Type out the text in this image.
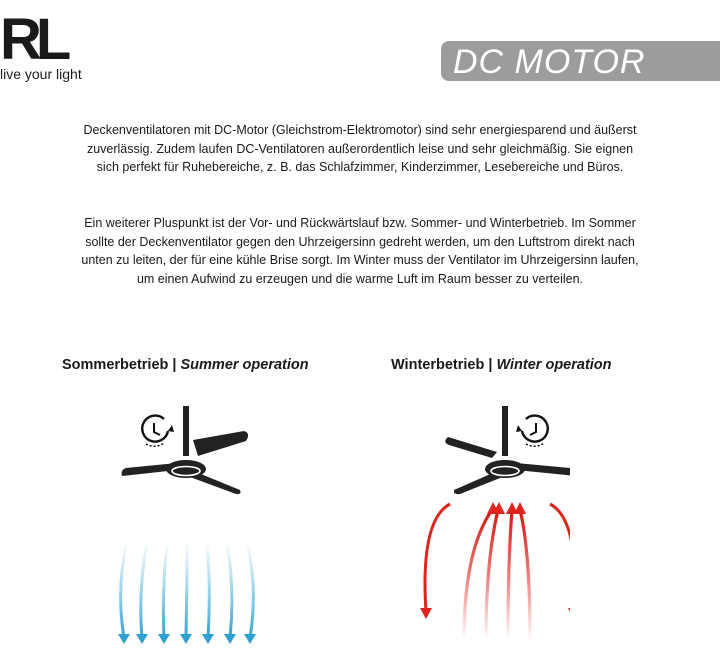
RL
live your light	DC MOTOR

Deckenventilatoren mit DC-Motor (Gleichstrom-Elektromotor) sind sehr energiesparend und äußerst zuverlässig. Zudem laufen DC-Ventilatoren außerordentlich leise und sehr gleichmäßig. Sie eignen sich perfekt für Ruhebereiche, z. B. das Schlafzimmer, Kinderzimmer, Lesebereiche und Büros.

Ein weiterer Pluspunkt ist der Vor- und Rückwärtslauf bzw. Sommer- und Winterbetrieb. Im Sommer sollte der Deckenventilator gegen den Uhrzeigersinn gedreht werden, um den Luftstrom direkt nach unten zu leiten, der für eine kühle Brise sorgt. Im Winter muss der Ventilator im Uhrzeigersinn laufen, um einen Aufwind zu erzeugen und die warme Luft im Raum besser zu verteilen.

Sommerbetrieb | Summer operation	Winterbetrieb | Winter operation
